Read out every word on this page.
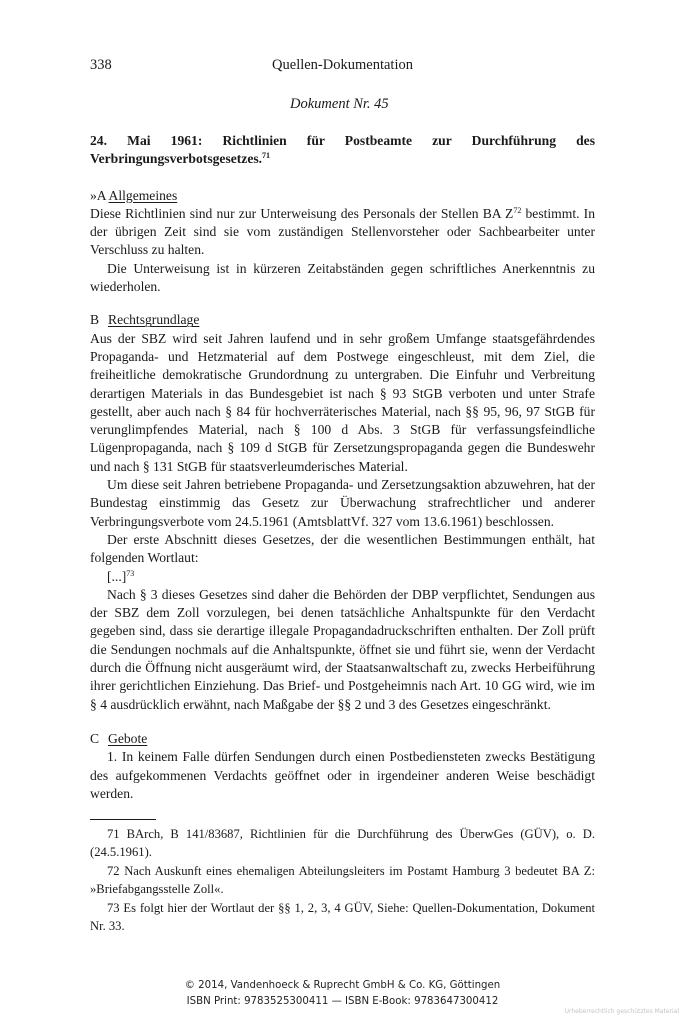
338	Quellen-Dokumentation
Dokument Nr. 45

24. Mai 1961: Richtlinien für Postbeamte zur Durchführung des Verbringungsverbotsgesetzes.$^{71}$

»A Allgemeines

Diese Richtlinien sind nur zur Unterweisung des Personals der Stellen BA $Z^{72}$ bestimmt. In der übrigen Zeit sind sie vom zuständigen Stellenvorsteher oder Sachbearbeiter unter Verschluss zu halten.

Die Unterweisung ist in kürzeren Zeitabständen gegen schriftliches Anerkenntnis zu wiederholen.

B Rechtsgrundlage

Aus der SBZ wird seit Jahren laufend und in sehr großem Umfange staatsgefährdendes Propaganda- und Hetzmaterial auf dem Postwege eingeschleust, mit dem Ziel, die freiheitliche demokratische Grundordnung zu untergraben. Die Einfuhr und Verbreitung derartigen Materials in das Bundesgebiet ist nach § 93 StGB verboten und unter Strafe gestellt, aber auch nach § 84 für hochverräterisches Material, nach §§ 95, 96, 97 StGB für verunglimpfendes Material, nach § 100 d Abs. 3 StGB für verfassungsfeindliche Lügenpropaganda, nach § 109 d StGB für Zersetzungspropaganda gegen die Bundeswehr und nach § 131 StGB für staatsverleumderisches Material.

Um diese seit Jahren betriebene Propaganda- und Zersetzungsaktion abzuwehren, hat der Bundestag einstimmig das Gesetz zur Überwachung strafrechtlicher und anderer Verbringungsverbote vom 24.5.1961 (AmtsblattVf. 327 vom 13.6.1961) beschlossen.

Der erste Abschnitt dieses Gesetzes, der die wesentlichen Bestimmungen enthält, hat folgenden Wortlaut:

[...]$^{73}$

Nach § 3 dieses Gesetzes sind daher die Behörden der DBP verpflichtet, Sendungen aus der SBZ dem Zoll vorzulegen, bei denen tatsächliche Anhaltspunkte für den Verdacht gegeben sind, dass sie derartige illegale Propagandadruckschriften enthalten. Der Zoll prüft die Sendungen nochmals auf die Anhaltspunkte, öffnet sie und führt sie, wenn der Verdacht durch die Öffnung nicht ausgeräumt wird, der Staatsanwaltschaft zu, zwecks Herbeiführung ihrer gerichtlichen Einziehung. Das Brief- und Postgeheimnis nach Art. 10 GG wird, wie im § 4 ausdrücklich erwähnt, nach Maßgabe der §§ 2 und 3 des Gesetzes eingeschränkt.

C Gebote

1. In keinem Falle dürfen Sendungen durch einen Postbediensteten zwecks Bestätigung des aufgekommenen Verdachts geöffnet oder in irgendeiner anderen Weise beschädigt werden.

71 BArch, B 141/83687, Richtlinien für die Durchführung des ÜberwGes (GÜV), o. D. (24.5.1961).

72 Nach Auskunft eines ehemaligen Abteilungsleiters im Postamt Hamburg 3 bedeutet BA Z: »Briefabgangsstelle Zoll«.

73 Es folgt hier der Wortlaut der §§ 1, 2, 3, 4 GÜV, Siehe: Quellen-Dokumentation, Dokument Nr. 33.

© 2014, Vandenhoeck & Ruprecht GmbH & Co. KG, Göttingen
ISBN Print: 9783525300411 — ISBN E-Book: 9783647300412
Urheberrechtlich geschütztes Material
